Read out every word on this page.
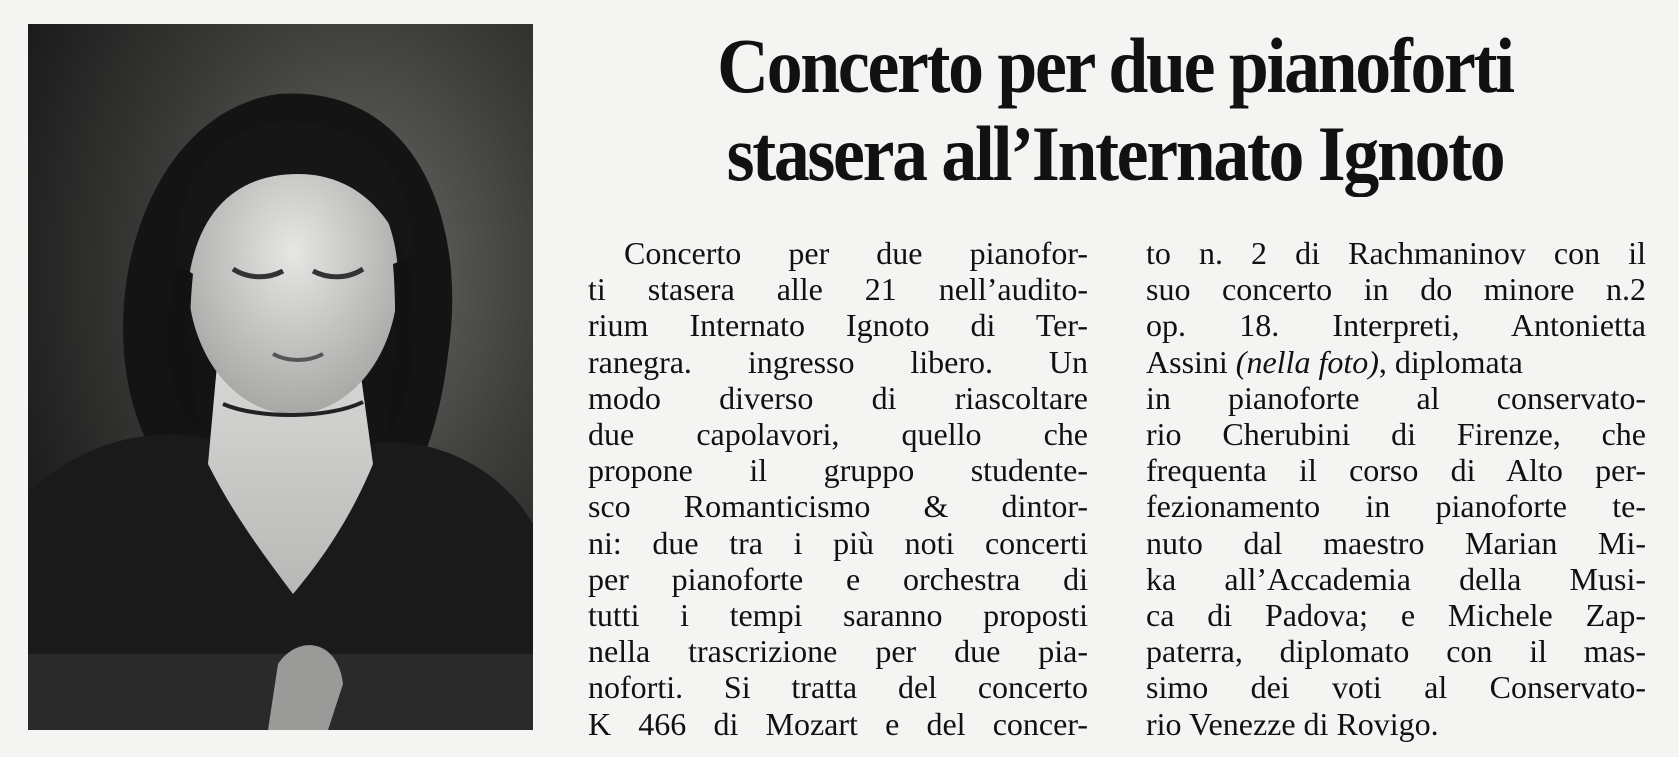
Concerto per due pianoforti
stasera all’Internato Ignoto
Concerto per due pianofor-
ti stasera alle 21 nell’audito-
rium Internato Ignoto di Ter-
ranegra. ingresso libero. Un
modo diverso di riascoltare
due capolavori, quello che
propone il gruppo studente-
sco Romanticismo & dintor-
ni: due tra i più noti concerti
per pianoforte e orchestra di
tutti i tempi saranno proposti
nella trascrizione per due pia-
noforti. Si tratta del concerto
K 466 di Mozart e del concer-
to n. 2 di Rachmaninov con il
suo concerto in do minore n.2
op. 18. Interpreti, Antonietta
Assini (nella foto), diplomata
in pianoforte al conservato-
rio Cherubini di Firenze, che
frequenta il corso di Alto per-
fezionamento in pianoforte te-
nuto dal maestro Marian Mi-
ka all’Accademia della Musi-
ca di Padova; e Michele Zap-
paterra, diplomato con il mas-
simo dei voti al Conservato-
rio Venezze di Rovigo.
